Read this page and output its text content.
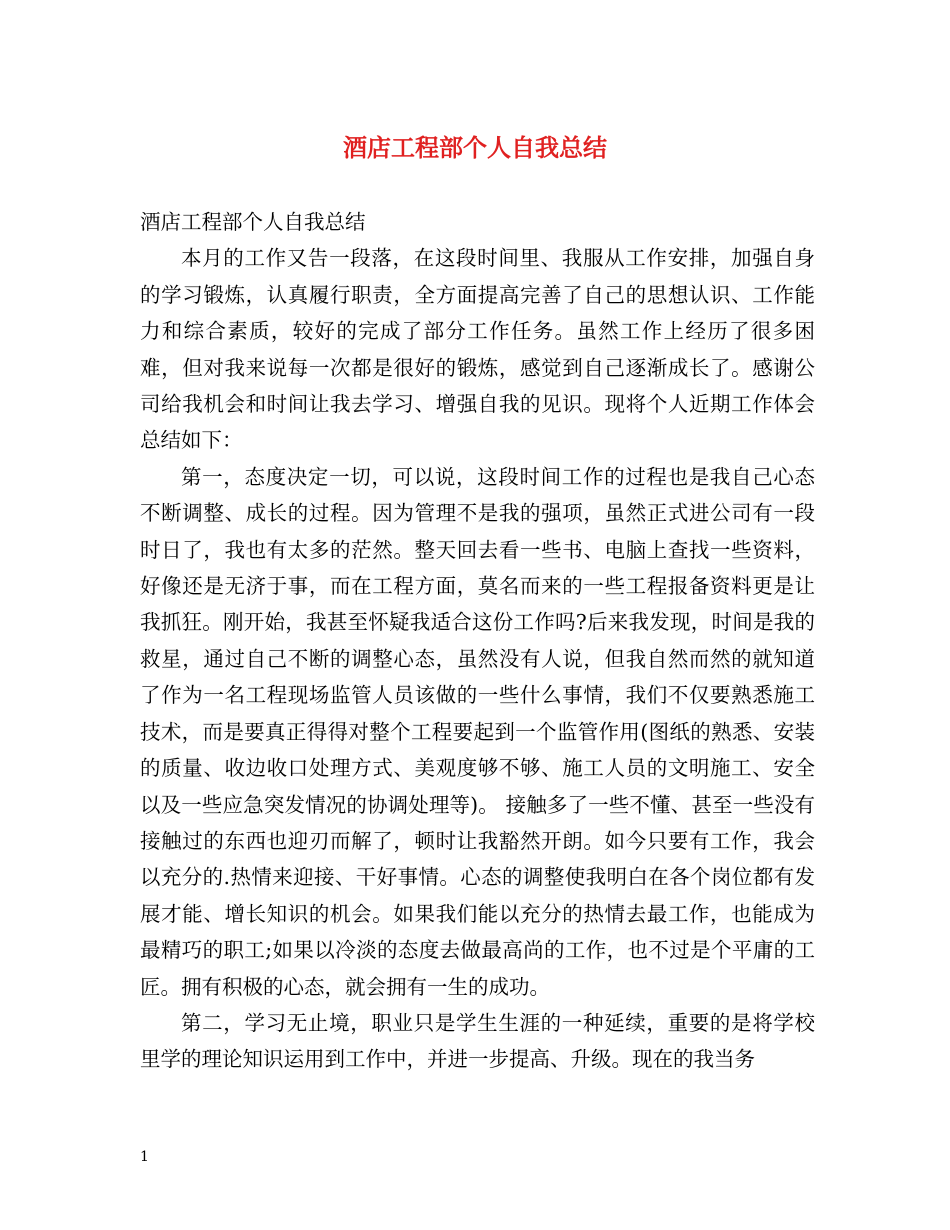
酒店工程部个人自我总结

酒店工程部个人自我总结

本月的工作又告一段落，在这段时间里、我服从工作安排，加强自身的学习锻炼，认真履行职责，全方面提高完善了自己的思想认识、工作能力和综合素质，较好的完成了部分工作任务。虽然工作上经历了很多困难，但对我来说每一次都是很好的锻炼，感觉到自己逐渐成长了。感谢公司给我机会和时间让我去学习、增强自我的见识。现将个人近期工作体会总结如下：

第一，态度决定一切，可以说，这段时间工作的过程也是我自己心态不断调整、成长的过程。因为管理不是我的强项，虽然正式进公司有一段时日了，我也有太多的茫然。整天回去看一些书、电脑上查找一些资料，好像还是无济于事，而在工程方面，莫名而来的一些工程报备资料更是让我抓狂。刚开始，我甚至怀疑我适合这份工作吗?后来我发现，时间是我的救星，通过自己不断的调整心态，虽然没有人说，但我自然而然的就知道了作为一名工程现场监管人员该做的一些什么事情，我们不仅要熟悉施工技术，而是要真正得得对整个工程要起到一个监管作用(图纸的熟悉、安装的质量、收边收口处理方式、美观度够不够、施工人员的文明施工、安全以及一些应急突发情况的协调处理等)。 接触多了一些不懂、甚至一些没有接触过的东西也迎刃而解了，顿时让我豁然开朗。如今只要有工作，我会以充分的.热情来迎接、干好事情。心态的调整使我明白在各个岗位都有发展才能、增长知识的机会。如果我们能以充分的热情去最工作，也能成为最精巧的职工;如果以冷淡的态度去做最高尚的工作，也不过是个平庸的工匠。拥有积极的心态，就会拥有一生的成功。

第二，学习无止境，职业只是学生生涯的一种延续，重要的是将学校里学的理论知识运用到工作中，并进一步提高、升级。现在的我当务

1
